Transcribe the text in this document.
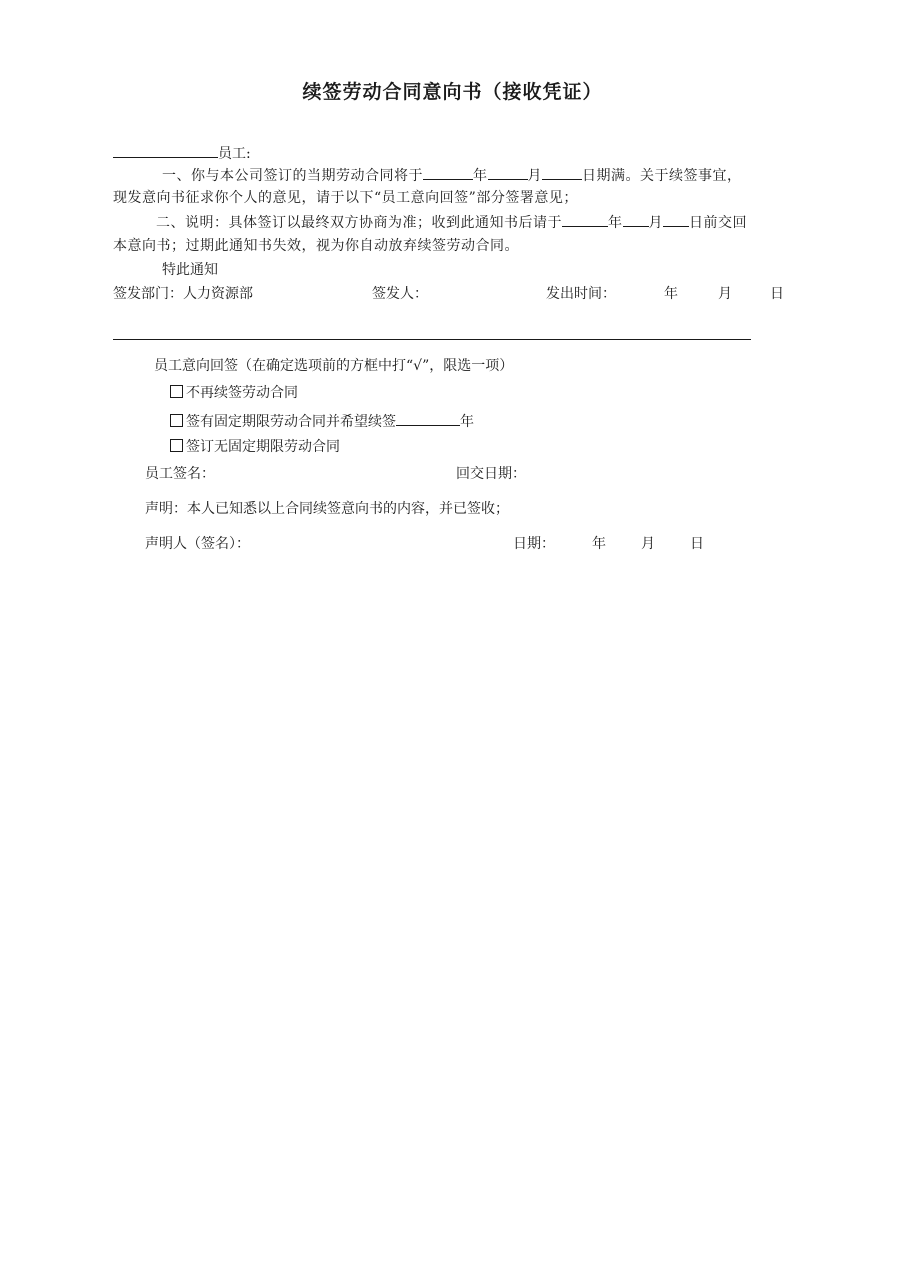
续签劳动合同意向书（接收凭证）
员工:
一、你与本公司签订的当期劳动合同将于	年	月	日期满。关于续签事宜，
现发意向书征求你个人的意见，请于以下“员工意向回签”部分签署意见；
二、说明：具体签订以最终双方协商为准；收到此通知书后请于	年 月 日前交回
本意向书；过期此通知书失效，视为你自动放弃续签劳动合同。
特此通知
签发部门：人力资源部	签发人：	发出时间：	年	月	日
员工意向回签（在确定选项前的方框中打“√”，限选一项）
不再续签劳动合同
签有固定期限劳动合同并希望续签	年
签订无固定期限劳动合同
员工签名：	回交日期：
声明：本人已知悉以上合同续签意向书的内容，并已签收；
声明人（签名）：	日期：	年	月	日
